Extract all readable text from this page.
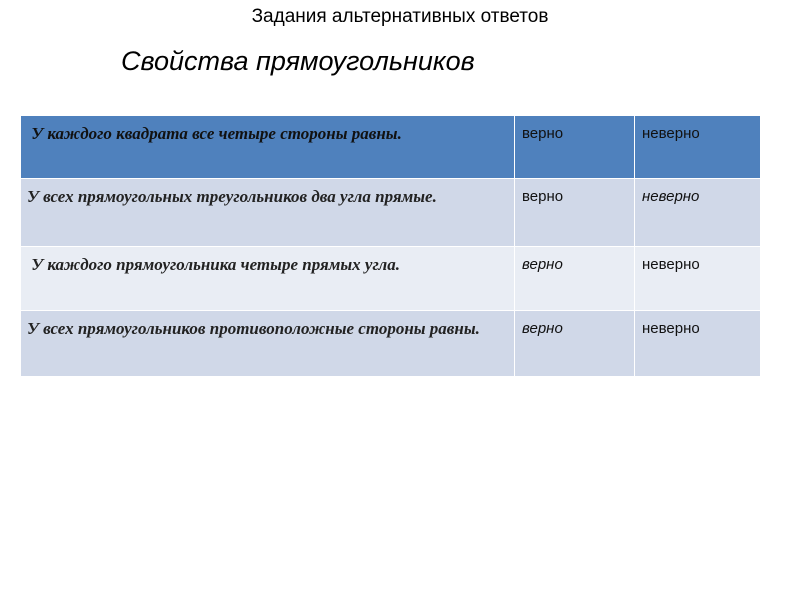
Задания альтернативных ответов
Свойства прямоугольников
У каждого квадрата все четыре стороны равны.	верно	неверно

У всех прямоугольных треугольников два угла прямые.	верно	неверно

У каждого прямоугольника четыре прямых угла.	верно	неверно

У всех прямоугольников противоположные стороны равны.	верно	неверно
